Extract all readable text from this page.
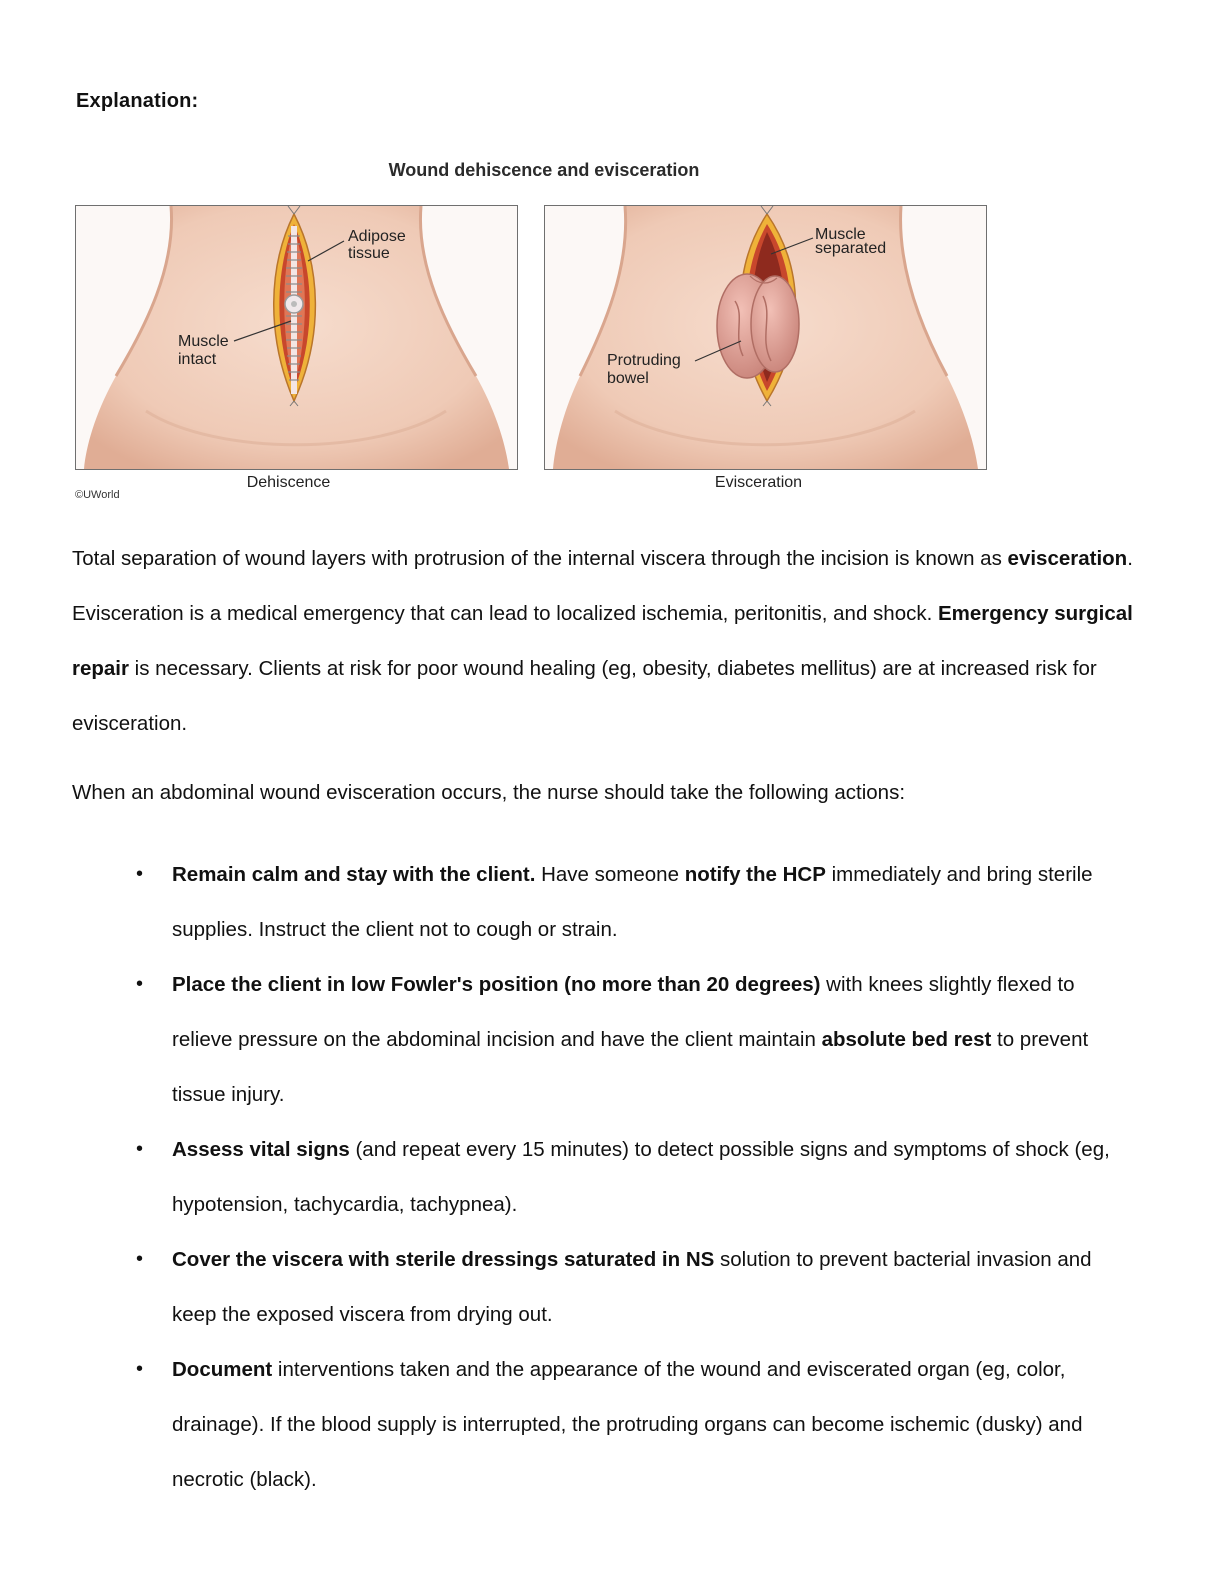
Explanation:
Wound dehiscence and evisceration
Adipose
tissue
Muscle
intact
Muscle
separated
Protruding
bowel
©UWorld
Dehiscence	Evisceration

Total separation of wound layers with protrusion of the internal viscera through the incision is known as evisceration. Evisceration is a medical emergency that can lead to localized ischemia, peritonitis, and shock. Emergency surgical repair is necessary. Clients at risk for poor wound healing (eg, obesity, diabetes mellitus) are at increased risk for evisceration.

When an abdominal wound evisceration occurs, the nurse should take the following actions:

• Remain calm and stay with the client. Have someone notify the HCP immediately and bring sterile supplies. Instruct the client not to cough or strain.
• Place the client in low Fowler's position (no more than 20 degrees) with knees slightly flexed to relieve pressure on the abdominal incision and have the client maintain absolute bed rest to prevent tissue injury.
• Assess vital signs (and repeat every 15 minutes) to detect possible signs and symptoms of shock (eg, hypotension, tachycardia, tachypnea).
• Cover the viscera with sterile dressings saturated in NS solution to prevent bacterial invasion and keep the exposed viscera from drying out.
• Document interventions taken and the appearance of the wound and eviscerated organ (eg, color, drainage). If the blood supply is interrupted, the protruding organs can become ischemic (dusky) and necrotic (black).
